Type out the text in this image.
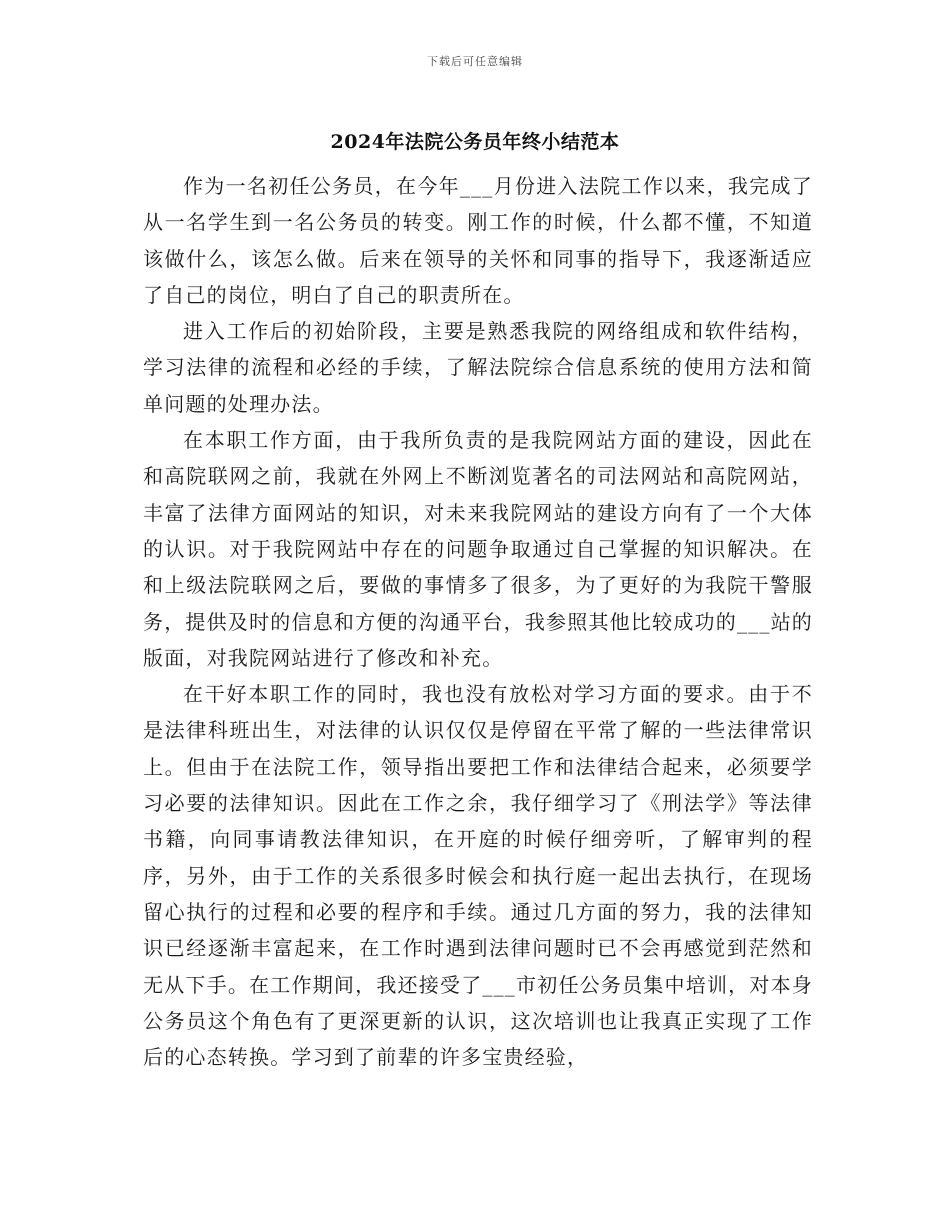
下载后可任意编辑
2024年法院公务员年终小结范本

作为一名初任公务员，在今年___月份进入法院工作以来，我完成了从一名学生到一名公务员的转变。刚工作的时候，什么都不懂，不知道该做什么，该怎么做。后来在领导的关怀和同事的指导下，我逐渐适应了自己的岗位，明白了自己的职责所在。

进入工作后的初始阶段，主要是熟悉我院的网络组成和软件结构，学习法律的流程和必经的手续，了解法院综合信息系统的使用方法和简单问题的处理办法。

在本职工作方面，由于我所负责的是我院网站方面的建设，因此在和高院联网之前，我就在外网上不断浏览著名的司法网站和高院网站，丰富了法律方面网站的知识，对未来我院网站的建设方向有了一个大体的认识。对于我院网站中存在的问题争取通过自己掌握的知识解决。在和上级法院联网之后，要做的事情多了很多，为了更好的为我院干警服务，提供及时的信息和方便的沟通平台，我参照其他比较成功的___站的版面，对我院网站进行了修改和补充。

在干好本职工作的同时，我也没有放松对学习方面的要求。由于不是法律科班出生，对法律的认识仅仅是停留在平常了解的一些法律常识上。但由于在法院工作，领导指出要把工作和法律结合起来，必须要学习必要的法律知识。因此在工作之余，我仔细学习了《刑法学》等法律书籍，向同事请教法律知识，在开庭的时候仔细旁听，了解审判的程序，另外，由于工作的关系很多时候会和执行庭一起出去执行，在现场留心执行的过程和必要的程序和手续。通过几方面的努力，我的法律知识已经逐渐丰富起来，在工作时遇到法律问题时已不会再感觉到茫然和无从下手。在工作期间，我还接受了___市初任公务员集中培训，对本身公务员这个角色有了更深更新的认识，这次培训也让我真正实现了工作后的心态转换。学习到了前辈的许多宝贵经验，
